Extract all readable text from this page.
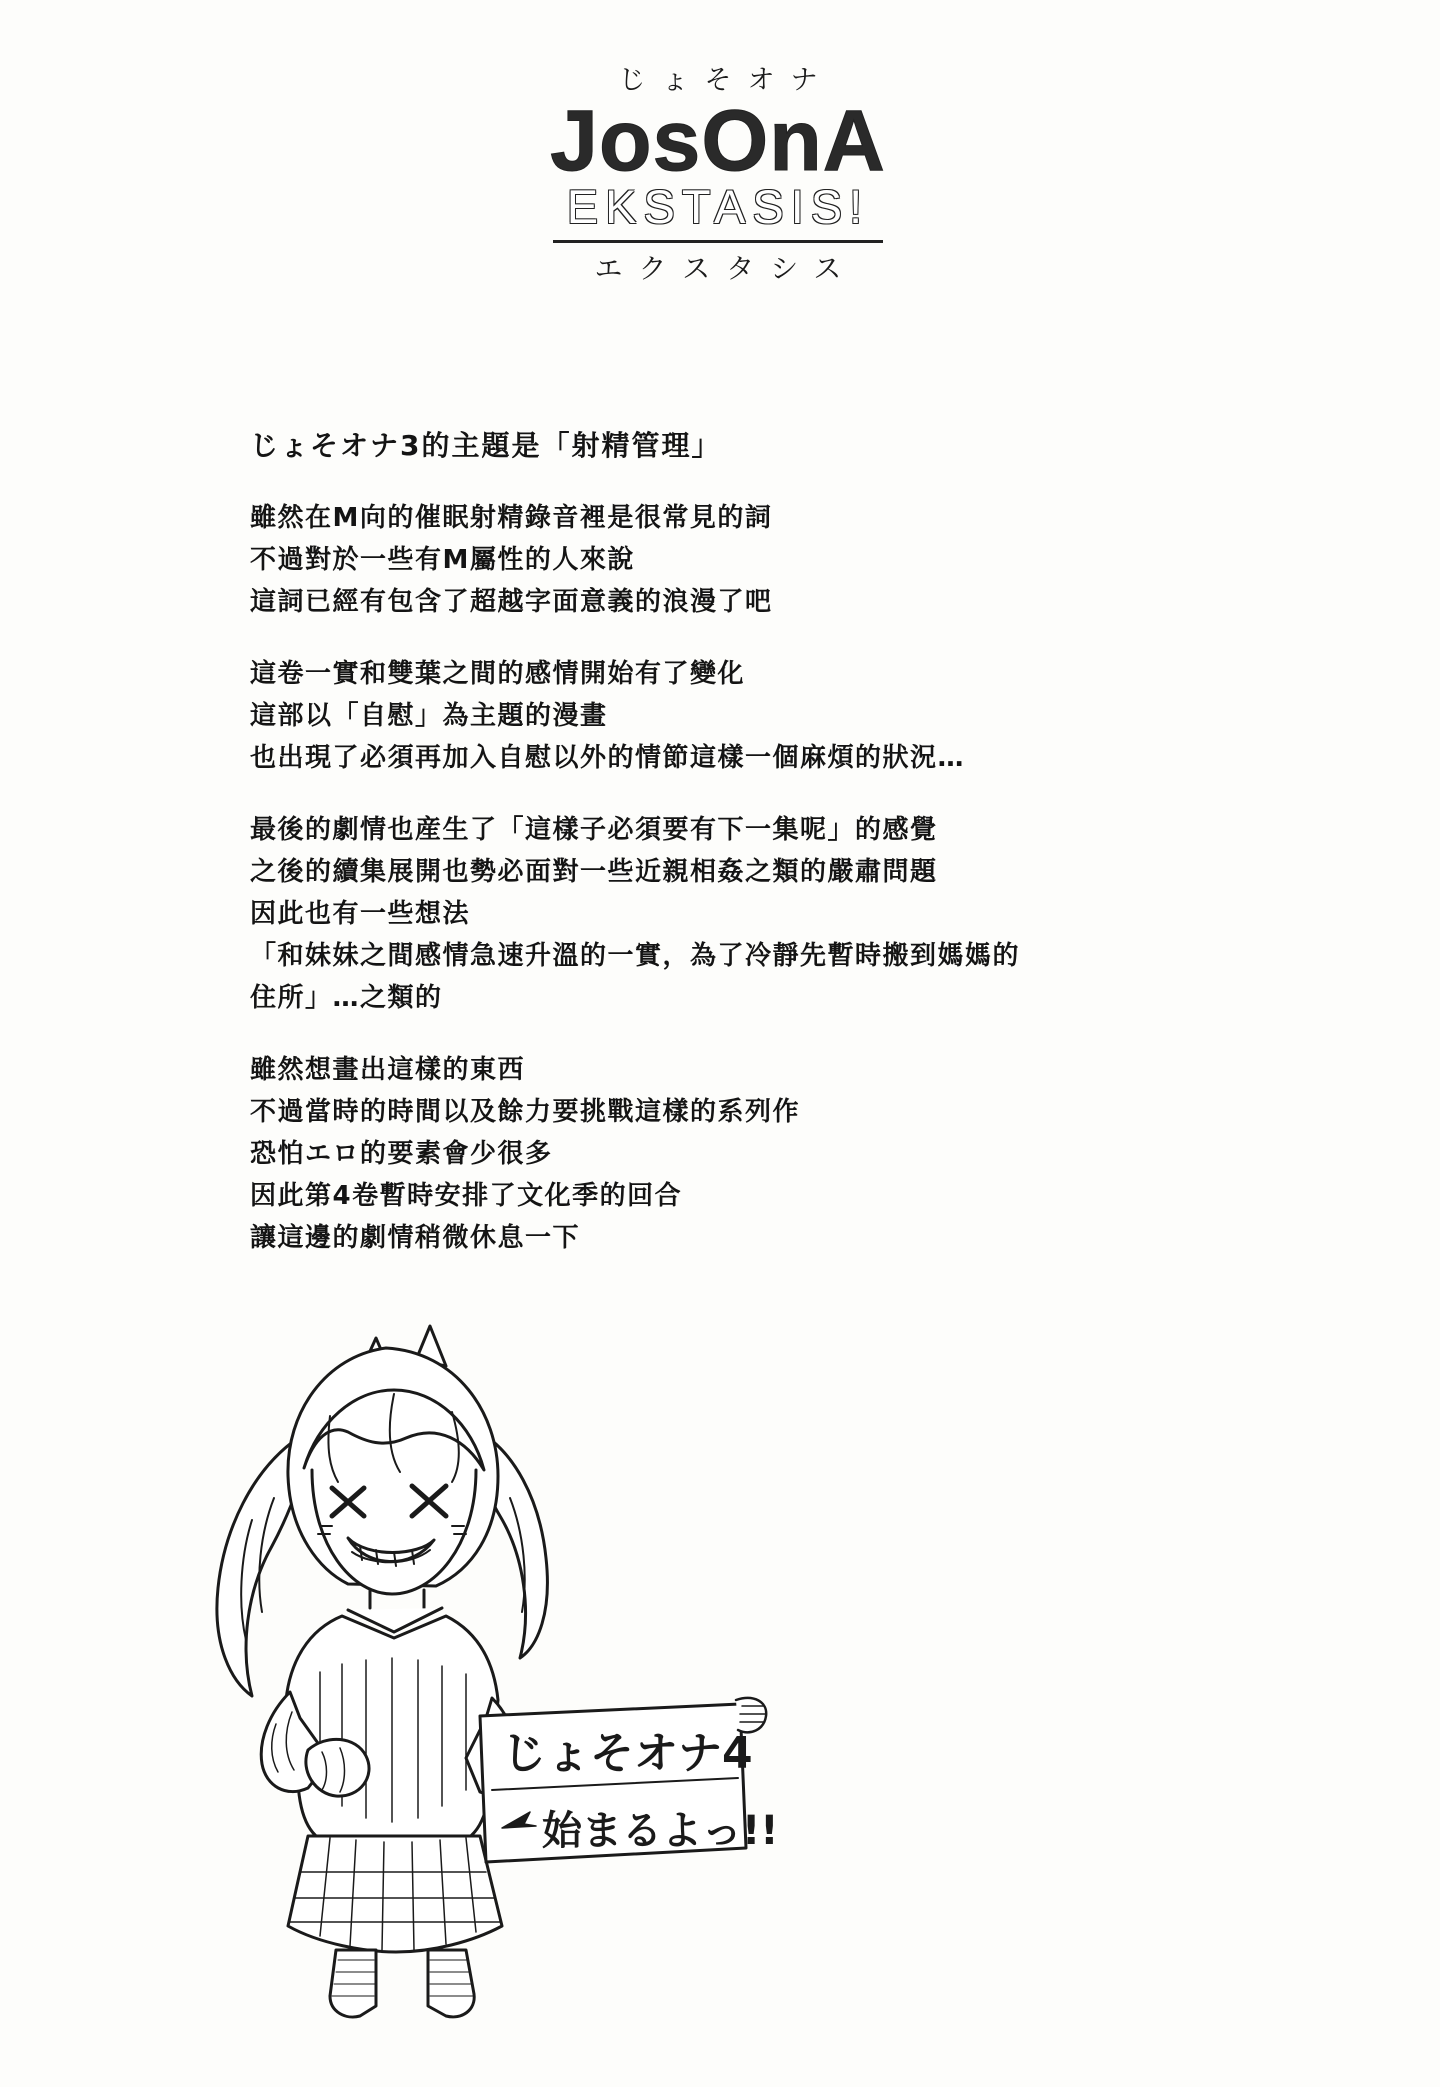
じょそオナ
JosOnA
EKSTASIS!
エクスタシス

じょそオナ3的主題是「射精管理」

雖然在M向的催眠射精錄音裡是很常見的詞
不過對於一些有M屬性的人來說
這詞已經有包含了超越字面意義的浪漫了吧

這卷一實和雙葉之間的感情開始有了變化
這部以「自慰」為主題的漫畫
也出現了必須再加入自慰以外的情節這樣一個麻煩的狀況…

最後的劇情也産生了「這樣子必須要有下一集呢」的感覺
之後的續集展開也勢必面對一些近親相姦之類的嚴肅問題
因此也有一些想法
「和妹妹之間感情急速升溫的一實，為了冷靜先暫時搬到媽媽的
住所」…之類的

雖然想畫出這樣的東西
不過當時的時間以及餘力要挑戰這樣的系列作
恐怕エロ的要素會少很多
因此第4卷暫時安排了文化季的回合
讓這邊的劇情稍微休息一下

じょそオナ4
始まるよっ!!
